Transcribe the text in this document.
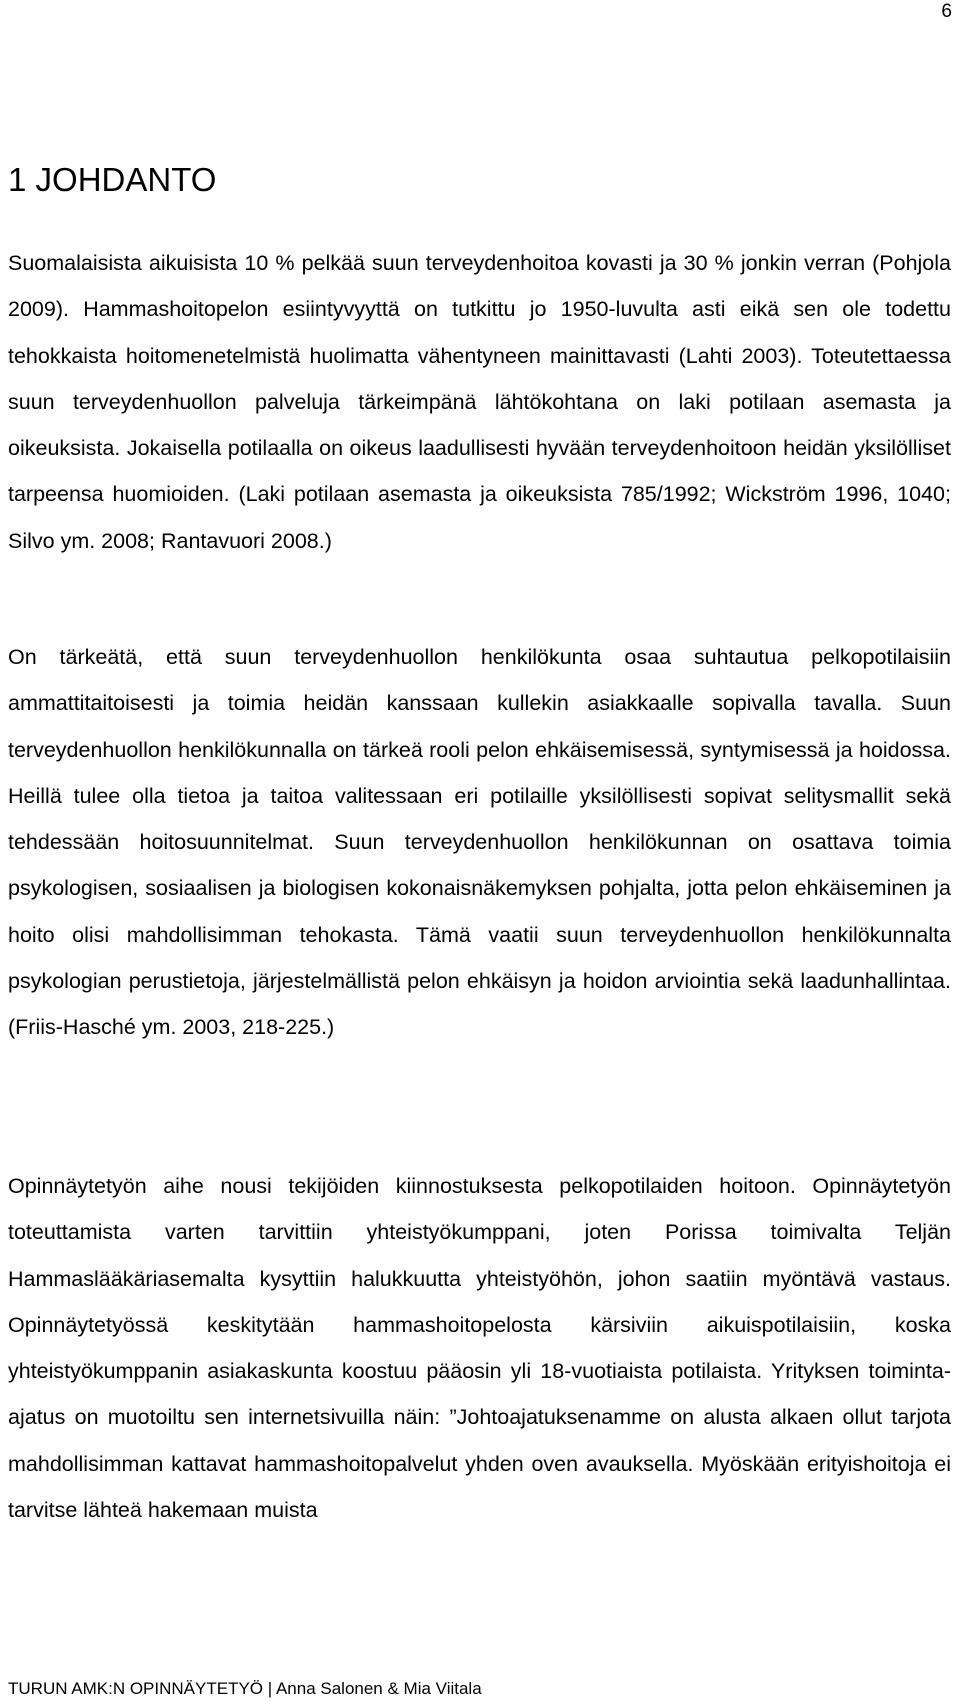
6
1 JOHDANTO

Suomalaisista aikuisista 10 % pelkää suun terveydenhoitoa kovasti ja 30 % jonkin verran (Pohjola 2009). Hammashoitopelon esiintyvyyttä on tutkittu jo 1950-luvulta asti eikä sen ole todettu tehokkaista hoitomenetelmistä huolimatta vähentyneen mainittavasti (Lahti 2003). Toteutettaessa suun terveydenhuollon palveluja tärkeimpänä lähtökohtana on laki potilaan asemasta ja oikeuksista. Jokaisella potilaalla on oikeus laadullisesti hyvään terveydenhoitoon heidän yksilölliset tarpeensa huomioiden. (Laki potilaan asemasta ja oikeuksista 785/1992; Wickström 1996, 1040; Silvo ym. 2008; Rantavuori 2008.)

On tärkeätä, että suun terveydenhuollon henkilökunta osaa suhtautua pelkopotilaisiin ammattitaitoisesti ja toimia heidän kanssaan kullekin asiakkaalle sopivalla tavalla. Suun terveydenhuollon henkilökunnalla on tärkeä rooli pelon ehkäisemisessä, syntymisessä ja hoidossa. Heillä tulee olla tietoa ja taitoa valitessaan eri potilaille yksilöllisesti sopivat selitysmallit sekä tehdessään hoitosuunnitelmat. Suun terveydenhuollon henkilökunnan on osattava toimia psykologisen, sosiaalisen ja biologisen kokonaisnäkemyksen pohjalta, jotta pelon ehkäiseminen ja hoito olisi mahdollisimman tehokasta. Tämä vaatii suun terveydenhuollon henkilökunnalta psykologian perustietoja, järjestelmällistä pelon ehkäisyn ja hoidon arviointia sekä laadunhallintaa. (Friis-Hasché ym. 2003, 218-225.)

Opinnäytetyön aihe nousi tekijöiden kiinnostuksesta pelkopotilaiden hoitoon. Opinnäytetyön toteuttamista varten tarvittiin yhteistyökumppani, joten Porissa toimivalta Teljän Hammaslääkäriasemalta kysyttiin halukkuutta yhteistyöhön, johon saatiin myöntävä vastaus. Opinnäytetyössä keskitytään hammashoitopelosta kärsiviin aikuispotilaisiin, koska yhteistyökumppanin asiakaskunta koostuu pääosin yli 18-vuotiaista potilaista. Yrityksen toiminta-ajatus on muotoiltu sen internetsivuilla näin: ”Johtoajatuksenamme on alusta alkaen ollut tarjota mahdollisimman kattavat hammashoitopalvelut yhden oven avauksella. Myöskään erityishoitoja ei tarvitse lähteä hakemaan muista

TURUN AMK:N OPINNÄYTETYÖ | Anna Salonen & Mia Viitala
